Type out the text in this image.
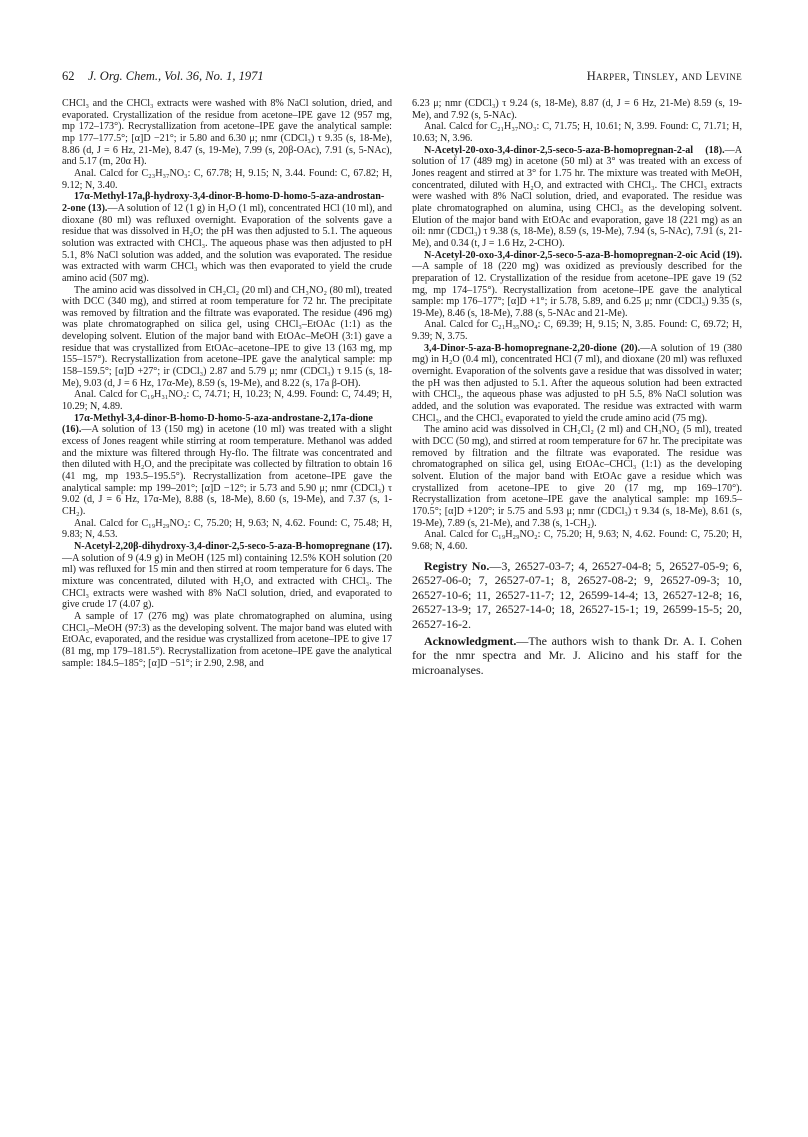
62 J. Org. Chem., Vol. 36, No. 1, 1971	Harper, Tinsley, and Levine

CHCl₃ and the CHCl₃ extracts were washed with 8% NaCl solution, dried, and evaporated. Crystallization of the residue from acetone–IPE gave 12 (957 mg, mp 172–173°). Recrystallization from acetone–IPE gave the analytical sample: mp 177–177.5°; [α]D −21°; ir 5.80 and 6.30 μ; nmr (CDCl₃) τ 9.35 (s, 18-Me), 8.86 (d, J = 6 Hz, 21-Me), 8.47 (s, 19-Me), 7.99 (s, 20β-OAc), 7.91 (s, 5-NAc), and 5.17 (m, 20α H).

Anal. Calcd for C₂₃H₃₇NO₃: C, 67.78; H, 9.15; N, 3.44. Found: C, 67.82; H, 9.12; N, 3.40.

17α-Methyl-17a,β-hydroxy-3,4-dinor-B-homo-D-homo-5-aza-androstan-2-one (13).—A solution of 12 (1 g) in H₂O (1 ml), concentrated HCl (10 ml), and dioxane (80 ml) was refluxed overnight. Evaporation of the solvents gave a residue that was dissolved in H₂O; the pH was then adjusted to 5.1. The aqueous solution was extracted with CHCl₃. The aqueous phase was then adjusted to pH 5.1, 8% NaCl solution was added, and the solution was evaporated. The residue was extracted with warm CHCl₃ which was then evaporated to yield the crude amino acid (507 mg).

The amino acid was dissolved in CH₂Cl₂ (20 ml) and CH₃NO₂ (80 ml), treated with DCC (340 mg), and stirred at room temperature for 72 hr. The precipitate was removed by filtration and the filtrate was evaporated. The residue (496 mg) was plate chromatographed on silica gel, using CHCl₃–EtOAc (1:1) as the developing solvent. Elution of the major band with EtOAc–MeOH (3:1) gave a residue that was crystallized from EtOAc–acetone–IPE to give 13 (163 mg, mp 155–157°). Recrystallization from acetone–IPE gave the analytical sample: mp 158–159.5°; [α]D +27°; ir (CDCl₃) 2.87 and 5.79 μ; nmr (CDCl₃) τ 9.15 (s, 18-Me), 9.03 (d, J = 6 Hz, 17α-Me), 8.59 (s, 19-Me), and 8.22 (s, 17a β-OH).

Anal. Calcd for C₁₉H₃₁NO₂: C, 74.71; H, 10.23; N, 4.99. Found: C, 74.49; H, 10.29; N, 4.89.

17α-Methyl-3,4-dinor-B-homo-D-homo-5-aza-androstane-2,17a-dione (16).—A solution of 13 (150 mg) in acetone (10 ml) was treated with a slight excess of Jones reagent while stirring at room temperature. Methanol was added and the mixture was filtered through Hy-flo. The filtrate was concentrated and then diluted with H₂O, and the precipitate was collected by filtration to obtain 16 (41 mg, mp 193.5–195.5°). Recrystallization from acetone–IPE gave the analytical sample: mp 199–201°; [α]D −12°; ir 5.73 and 5.90 μ; nmr (CDCl₃) τ 9.02 (d, J = 6 Hz, 17α-Me), 8.88 (s, 18-Me), 8.60 (s, 19-Me), and 7.37 (s, 1-CH₂).

Anal. Calcd for C₁₉H₂₉NO₂: C, 75.20; H, 9.63; N, 4.62. Found: C, 75.48; H, 9.83; N, 4.53.

N-Acetyl-2,20β-dihydroxy-3,4-dinor-2,5-seco-5-aza-B-homopregnane (17).—A solution of 9 (4.9 g) in MeOH (125 ml) containing 12.5% KOH solution (20 ml) was refluxed for 15 min and then stirred at room temperature for 6 days. The mixture was concentrated, diluted with H₂O, and extracted with CHCl₃. The CHCl₃ extracts were washed with 8% NaCl solution, dried, and evaporated to give crude 17 (4.07 g).

A sample of 17 (276 mg) was plate chromatographed on alumina, using CHCl₃–MeOH (97:3) as the developing solvent. The major band was eluted with EtOAc, evaporated, and the residue was crystallized from acetone–IPE to give 17 (81 mg, mp 179–181.5°). Recrystallization from acetone–IPE gave the analytical sample: 184.5–185°; [α]D −51°; ir 2.90, 2.98, and

6.23 μ; nmr (CDCl₃) τ 9.24 (s, 18-Me), 8.87 (d, J = 6 Hz, 21-Me) 8.59 (s, 19-Me), and 7.92 (s, 5-NAc).

Anal. Calcd for C₂₁H₃₇NO₃: C, 71.75; H, 10.61; N, 3.99. Found: C, 71.71; H, 10.63; N, 3.96.

N-Acetyl-20-oxo-3,4-dinor-2,5-seco-5-aza-B-homopregnan-2-al (18).—A solution of 17 (489 mg) in acetone (50 ml) at 3° was treated with an excess of Jones reagent and stirred at 3° for 1.75 hr. The mixture was treated with MeOH, concentrated, diluted with H₂O, and extracted with CHCl₃. The CHCl₃ extracts were washed with 8% NaCl solution, dried, and evaporated. The residue was plate chromatographed on alumina, using CHCl₃ as the developing solvent. Elution of the major band with EtOAc and evaporation, gave 18 (221 mg) as an oil: nmr (CDCl₃) τ 9.38 (s, 18-Me), 8.59 (s, 19-Me), 7.94 (s, 5-NAc), 7.91 (s, 21-Me), and 0.34 (t, J = 1.6 Hz, 2-CHO).

N-Acetyl-20-oxo-3,4-dinor-2,5-seco-5-aza-B-homopregnan-2-oic Acid (19).—A sample of 18 (220 mg) was oxidized as previously described for the preparation of 12. Crystallization of the residue from acetone–IPE gave 19 (52 mg, mp 174–175°). Recrystallization from acetone–IPE gave the analytical sample: mp 176–177°; [α]D +1°; ir 5.78, 5.89, and 6.25 μ; nmr (CDCl₃) 9.35 (s, 19-Me), 8.46 (s, 18-Me), 7.88 (s, 5-NAc and 21-Me).

Anal. Calcd for C₂₁H₃₅NO₄: C, 69.39; H, 9.15; N, 3.85. Found: C, 69.72; H, 9.39; N, 3.75.

3,4-Dinor-5-aza-B-homopregnane-2,20-dione (20).—A solution of 19 (380 mg) in H₂O (0.4 ml), concentrated HCl (7 ml), and dioxane (20 ml) was refluxed overnight. Evaporation of the solvents gave a residue that was dissolved in water; the pH was then adjusted to 5.1. After the aqueous solution had been extracted with CHCl₃, the aqueous phase was adjusted to pH 5.5, 8% NaCl solution was added, and the solution was evaporated. The residue was extracted with warm CHCl₃, and the CHCl₃ evaporated to yield the crude amino acid (75 mg).

The amino acid was dissolved in CH₂Cl₂ (2 ml) and CH₃NO₂ (5 ml), treated with DCC (50 mg), and stirred at room temperature for 67 hr. The precipitate was removed by filtration and the filtrate was evaporated. The residue was chromatographed on silica gel, using EtOAc–CHCl₃ (1:1) as the developing solvent. Elution of the major band with EtOAc gave a residue which was crystallized from acetone–IPE to give 20 (17 mg, mp 169–170°). Recrystallization from acetone–IPE gave the analytical sample: mp 169.5–170.5°; [α]D +120°; ir 5.75 and 5.93 μ; nmr (CDCl₃) τ 9.34 (s, 18-Me), 8.61 (s, 19-Me), 7.89 (s, 21-Me), and 7.38 (s, 1-CH₂).

Anal. Calcd for C₁₉H₂₉NO₂: C, 75.20; H, 9.63; N, 4.62. Found: C, 75.20; H, 9.68; N, 4.60.

Registry No.—3, 26527-03-7; 4, 26527-04-8; 5, 26527-05-9; 6, 26527-06-0; 7, 26527-07-1; 8, 26527-08-2; 9, 26527-09-3; 10, 26527-10-6; 11, 26527-11-7; 12, 26599-14-4; 13, 26527-12-8; 16, 26527-13-9; 17, 26527-14-0; 18, 26527-15-1; 19, 26599-15-5; 20, 26527-16-2.

Acknowledgment.—The authors wish to thank Dr. A. I. Cohen for the nmr spectra and Mr. J. Alicino and his staff for the microanalyses.
